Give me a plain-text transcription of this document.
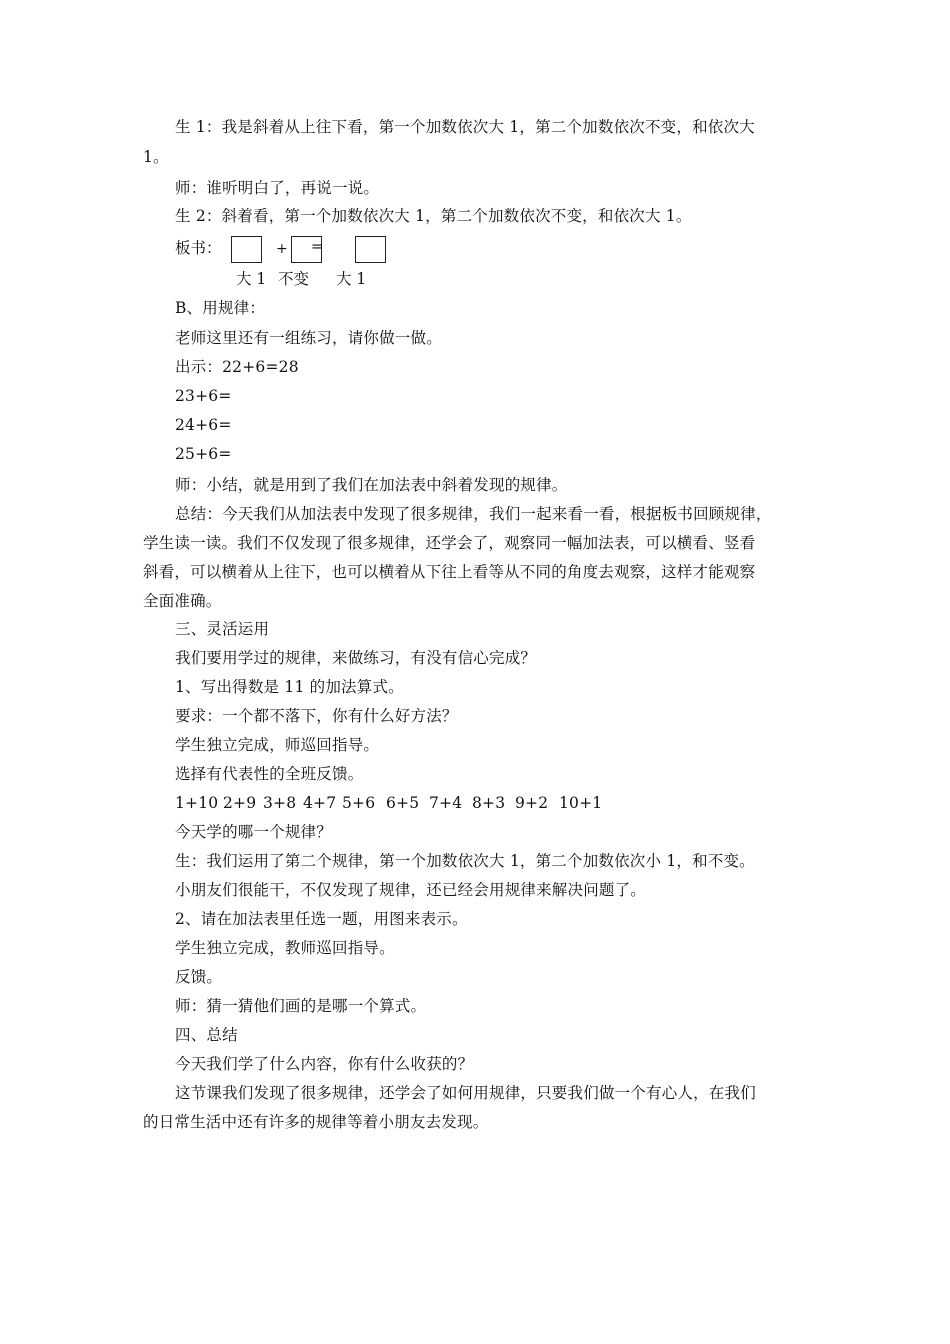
生 1：我是斜着从上往下看，第一个加数依次大 1，第二个加数依次不变，和依次大
1。
师：谁听明白了，再说一说。
生 2：斜着看，第一个加数依次大 1，第二个加数依次不变，和依次大 1。
板书：	+ =
大 1 不变 大 1
B、用规律：
老师这里还有一组练习，请你做一做。
出示：22+6=28
23+6=
24+6=
25+6=
师：小结，就是用到了我们在加法表中斜着发现的规律。
总结：今天我们从加法表中发现了很多规律，我们一起来看一看，根据板书回顾规律，
学生读一读。我们不仅发现了很多规律，还学会了，观察同一幅加法表，可以横看、竖看
斜看，可以横着从上往下，也可以横着从下往上看等从不同的角度去观察，这样才能观察
全面准确。
三、灵活运用
我们要用学过的规律，来做练习，有没有信心完成？
1、写出得数是 11 的加法算式。
要求：一个都不落下，你有什么好方法？
学生独立完成，师巡回指导。
选择有代表性的全班反馈。
1+10 2+9 3+8 4+7 5+6 6+5 7+4 8+3 9+2 10+1
今天学的哪一个规律？
生：我们运用了第二个规律，第一个加数依次大 1，第二个加数依次小 1，和不变。
小朋友们很能干，不仅发现了规律，还已经会用规律来解决问题了。
2、请在加法表里任选一题，用图来表示。
学生独立完成，教师巡回指导。
反馈。
师：猜一猜他们画的是哪一个算式。
四、总结
今天我们学了什么内容，你有什么收获的？
这节课我们发现了很多规律，还学会了如何用规律，只要我们做一个有心人，在我们
的日常生活中还有许多的规律等着小朋友去发现。
